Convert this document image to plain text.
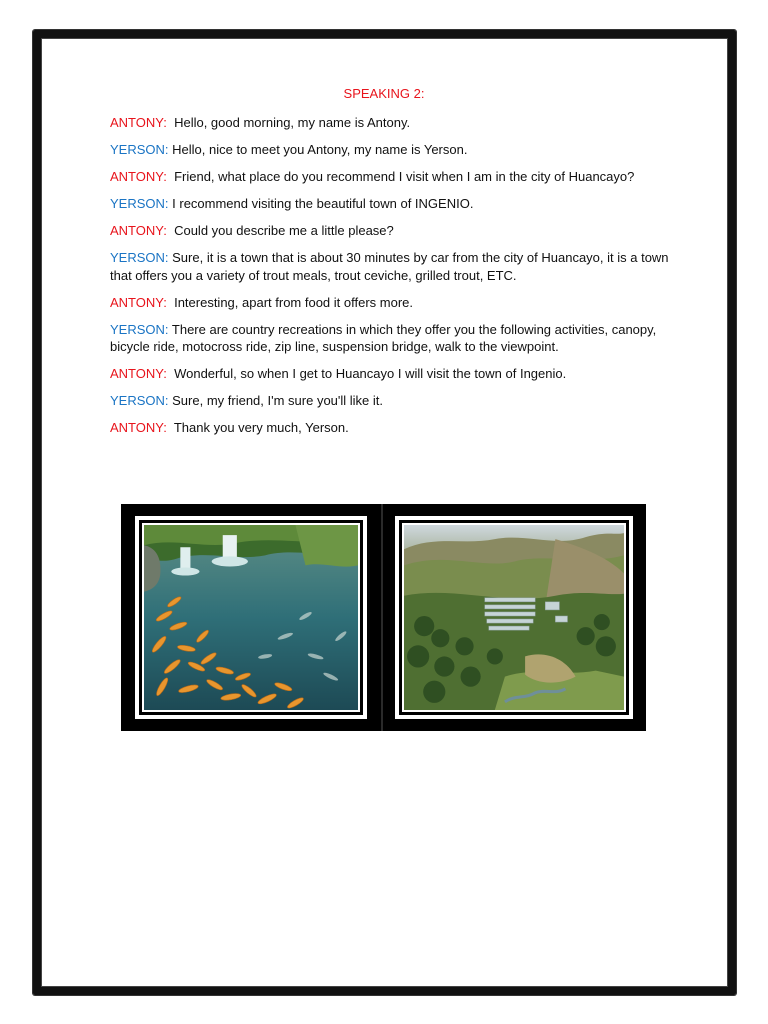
SPEAKING 2:

ANTONY: Hello, good morning, my name is Antony.

YERSON: Hello, nice to meet you Antony, my name is Yerson.

ANTONY: Friend, what place do you recommend I visit when I am in the city of Huancayo?

YERSON: I recommend visiting the beautiful town of INGENIO.

ANTONY: Could you describe me a little please?

YERSON: Sure, it is a town that is about 30 minutes by car from the city of Huancayo, it is a town that offers you a variety of trout meals, trout ceviche, grilled trout, ETC.

ANTONY: Interesting, apart from food it offers more.

YERSON: There are country recreations in which they offer you the following activities, canopy, bicycle ride, motocross ride, zip line, suspension bridge, walk to the viewpoint.

ANTONY: Wonderful, so when I get to Huancayo I will visit the town of Ingenio.

YERSON: Sure, my friend, I'm sure you'll like it.

ANTONY: Thank you very much, Yerson.
